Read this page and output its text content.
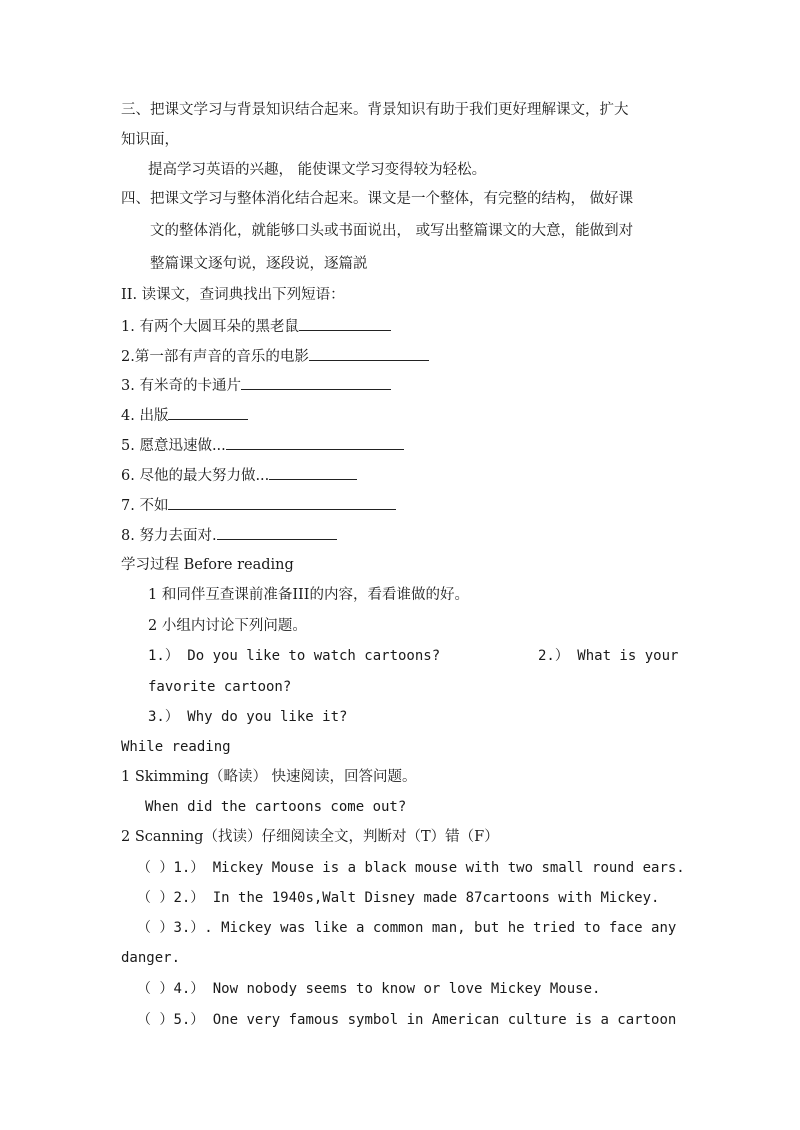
三、把课文学习与背景知识结合起来。背景知识有助于我们更好理解课文，扩大
知识面，
提高学习英语的兴趣， 能使课文学习变得较为轻松。
四、把课文学习与整体消化结合起来。课文是一个整体，有完整的结构， 做好课
文的整体消化，就能够口头或书面说出， 或写出整篇课文的大意，能做到对
整篇课文逐句说，逐段说，逐篇説
II. 读课文，查词典找出下列短语：
1. 有两个大圆耳朵的黑老鼠
2.第一部有声音的音乐的电影
3. 有米奇的卡通片
4. 出版
5. 愿意迅速做...
6. 尽他的最大努力做...
7. 不如
8. 努力去面对.
学习过程 Before reading
1 和同伴互查课前准备III的内容，看看谁做的好。
2 小组内讨论下列问题。
1.） Do you like to watch cartoons?	2.） What is your
favorite cartoon?
3.） Why do you like it?
While reading
1 Skimming（略读） 快速阅读，回答问题。
When did the cartoons come out?
2 Scanning（找读）仔细阅读全文，判断对（T）错（F）
（ ）1.） Mickey Mouse is a black mouse with two small round ears.
（ ）2.） In the 1940s,Walt Disney made 87cartoons with Mickey.
（ ）3.）. Mickey was like a common man, but he tried to face any
danger.
（ ）4.） Now nobody seems to know or love Mickey Mouse.
（ ）5.） One very famous symbol in American culture is a cartoon
